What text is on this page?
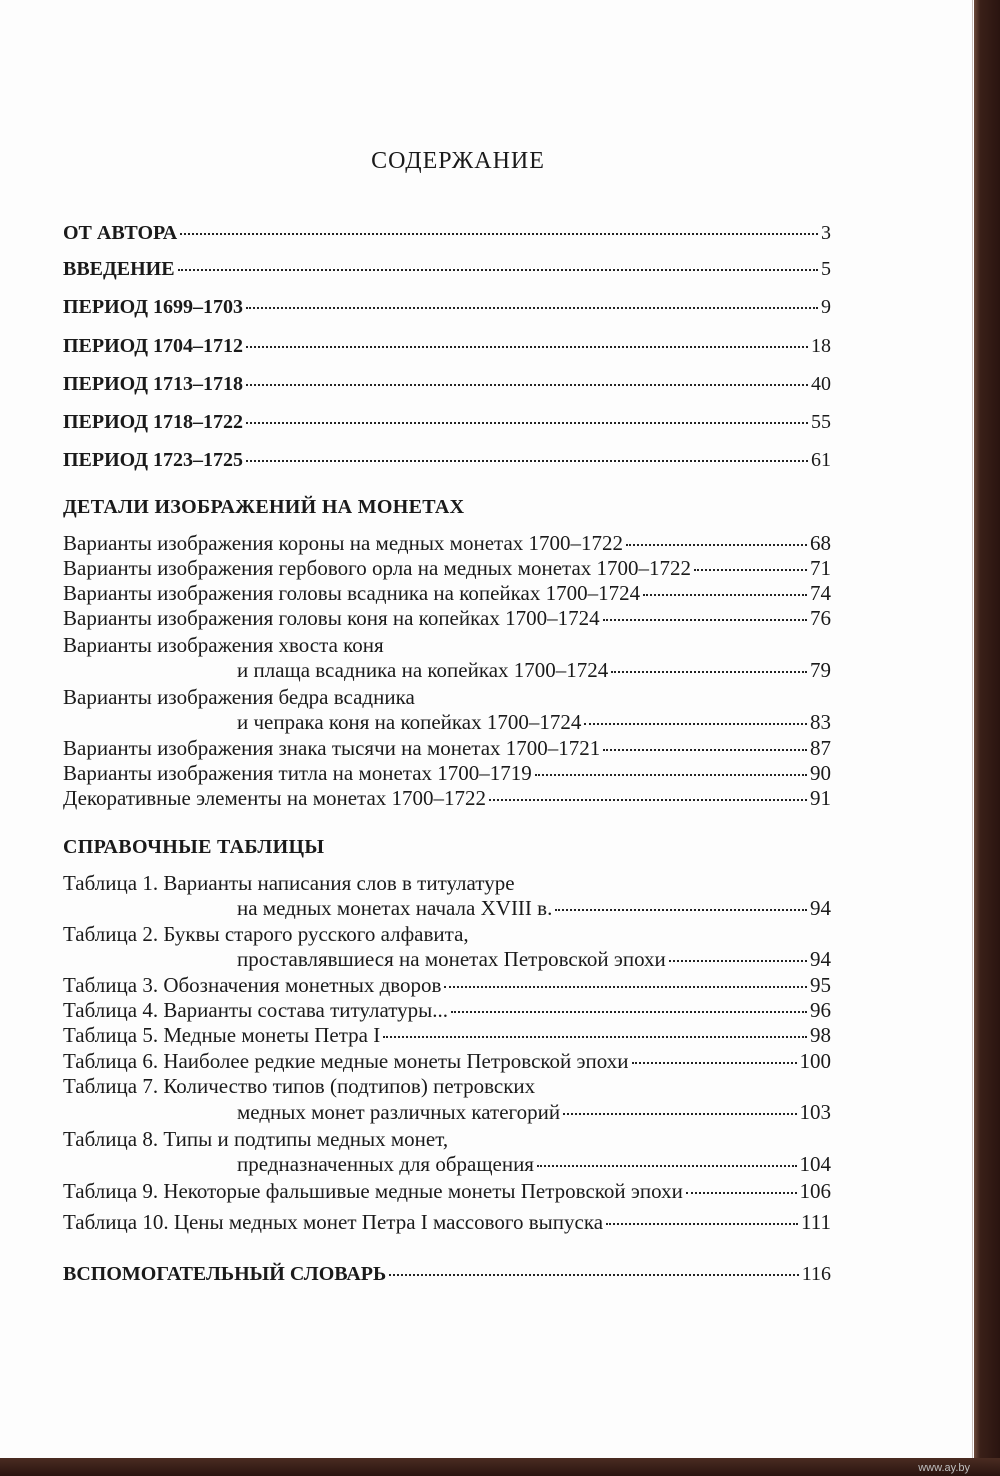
СОДЕРЖАНИЕ
ОТ АВТОРА	3
ВВЕДЕНИЕ	5
ПЕРИОД 1699–1703	9
ПЕРИОД 1704–1712	18
ПЕРИОД 1713–1718	40
ПЕРИОД 1718–1722	55
ПЕРИОД 1723–1725	61
ДЕТАЛИ ИЗОБРАЖЕНИЙ НА МОНЕТАХ
Варианты изображения короны на медных монетах 1700–1722	68
Варианты изображения гербового орла на медных монетах 1700–1722	71
Варианты изображения головы всадника на копейках 1700–1724	74
Варианты изображения головы коня на копейках 1700–1724	76
Варианты изображения хвоста коня
и плаща всадника на копейках 1700–1724	79
Варианты изображения бедра всадника
и чепрака коня на копейках 1700–1724	83
Варианты изображения знака тысячи на монетах 1700–1721	87
Варианты изображения титла на монетах 1700–1719	90
Декоративные элементы на монетах 1700–1722	91
СПРАВОЧНЫЕ ТАБЛИЦЫ
Таблица 1. Варианты написания слов в титулатуре
на медных монетах начала XVIII в.	94
Таблица 2. Буквы старого русского алфавита,
проставлявшиеся на монетах Петровской эпохи	94
Таблица 3. Обозначения монетных дворов	95
Таблица 4. Варианты состава титулатуры...	96
Таблица 5. Медные монеты Петра I	98
Таблица 6. Наиболее редкие медные монеты Петровской эпохи	100
Таблица 7. Количество типов (подтипов) петровских
медных монет различных категорий	103
Таблица 8. Типы и подтипы медных монет,
предназначенных для обращения	104
Таблица 9. Некоторые фальшивые медные монеты Петровской эпохи	106
Таблица 10. Цены медных монет Петра I массового выпуска	111
ВСПОМОГАТЕЛЬНЫЙ СЛОВАРЬ	116
www.ay.by
